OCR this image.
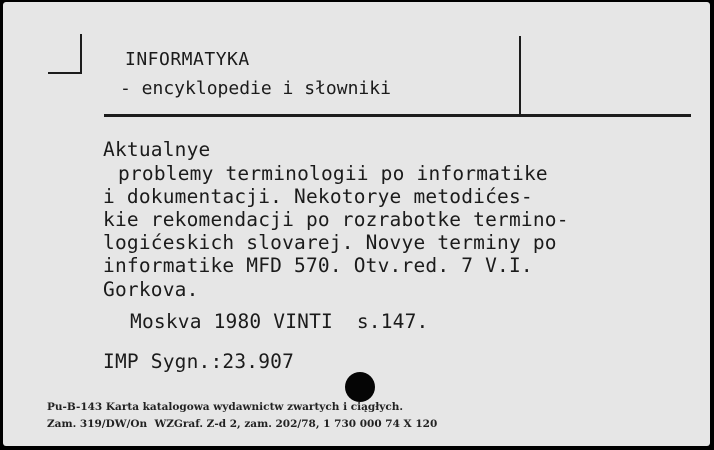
INFORMATYKA
- encyklopedie i słowniki
Aktualnye
problemy terminologii po informatike
i dokumentacji. Nekotorye metodićes-
kie rekomendacji po rozrabotke termino-
logićeskich slovarej. Novye terminy po
informatike MFD 570. Otv.red. 7 V.I.
Gorkova.
Moskva 1980 VINTI  s.147.
IMP Sygn.:23.907
Pu-B-143 Karta katalogowa wydawnictw zwartych i ciągłych.
Zam. 319/DW/On  WZGraf. Z-d 2, zam. 202/78, 1 730 000 74 X 120
